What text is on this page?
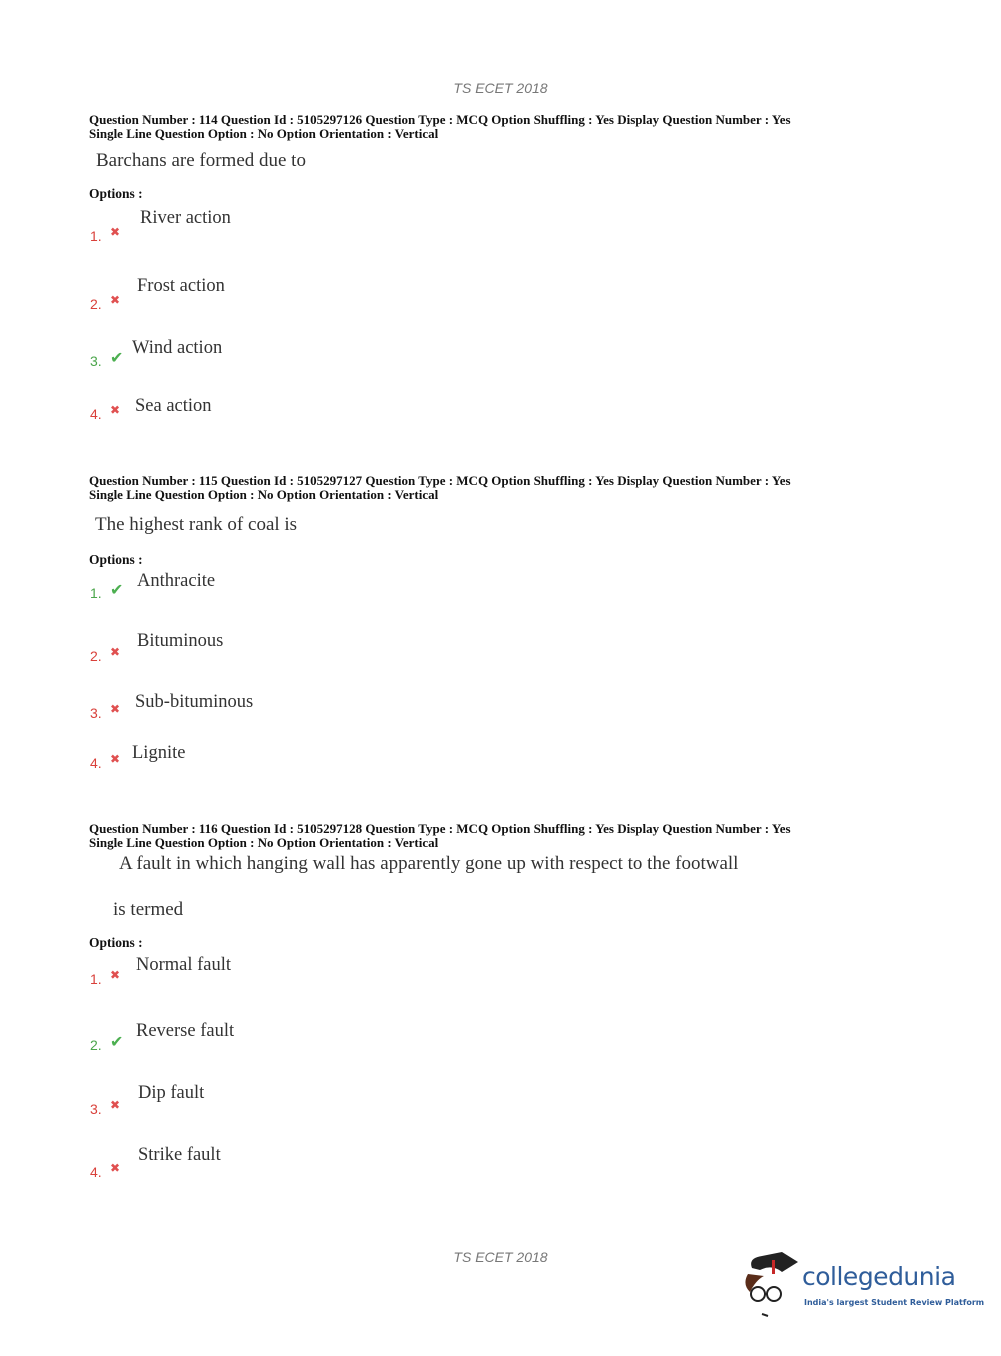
TS ECET 2018
Question Number : 114 Question Id : 5105297126 Question Type : MCQ Option Shuffling : Yes Display Question Number : Yes
Single Line Question Option : No Option Orientation : Vertical
Barchans are formed due to
Options :
1. ✖
River action
2. ✖
Frost action
3. ✔
Wind action
4. ✖ Sea action
Question Number : 115 Question Id : 5105297127 Question Type : MCQ Option Shuffling : Yes Display Question Number : Yes
Single Line Question Option : No Option Orientation : Vertical
The highest rank of coal is
Options :
1. ✔ Anthracite
2. ✖
Bituminous
3. ✖ Sub-bituminous
4. ✖ Lignite
Question Number : 116 Question Id : 5105297128 Question Type : MCQ Option Shuffling : Yes Display Question Number : Yes
Single Line Question Option : No Option Orientation : Vertical
A fault in which hanging wall has apparently gone up with respect to the footwall
is termed
Options :
1. ✖ Normal fault
2. ✔
Reverse fault
3. ✖
Dip fault
4. ✖
Strike fault
TS ECET 2018
collegedunia
India's largest Student Review Platform
